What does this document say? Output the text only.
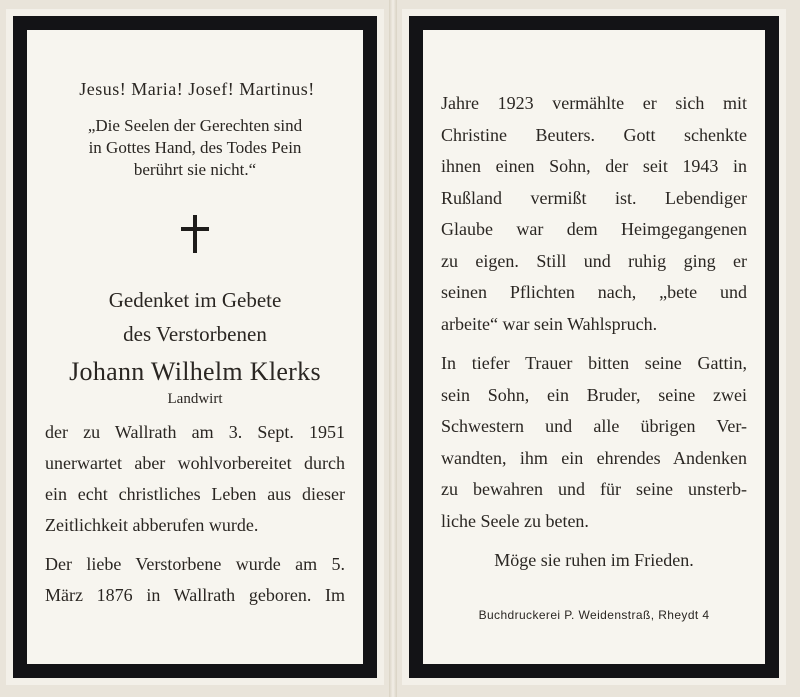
Jesus! Maria! Josef! Martinus!
„Die Seelen der Gerechten sind
in Gottes Hand, des Todes Pein
berührt sie nicht.“
Gedenket im Gebete
des Verstorbenen
Johann Wilhelm Klerks
Landwirt
der zu Wallrath am 3. Sept. 1951
unerwartet aber wohlvorbereitet durch
ein echt christliches Leben aus dieser
Zeitlichkeit abberufen wurde.
Der liebe Verstorbene wurde am 5.
März 1876 in Wallrath geboren. Im
Jahre 1923 vermählte er sich mit
Christine Beuters. Gott schenkte
ihnen einen Sohn, der seit 1943 in
Rußland vermißt ist. Lebendiger
Glaube war dem Heimgegangenen
zu eigen. Still und ruhig ging er
seinen Pflichten nach, „bete und
arbeite“ war sein Wahlspruch.
In tiefer Trauer bitten seine Gattin,
sein Sohn, ein Bruder, seine zwei
Schwestern und alle übrigen Ver-
wandten, ihm ein ehrendes Andenken
zu bewahren und für seine unsterb-
liche Seele zu beten.
Möge sie ruhen im Frieden.
Buchdruckerei P. Weidenstraß, Rheydt 4
